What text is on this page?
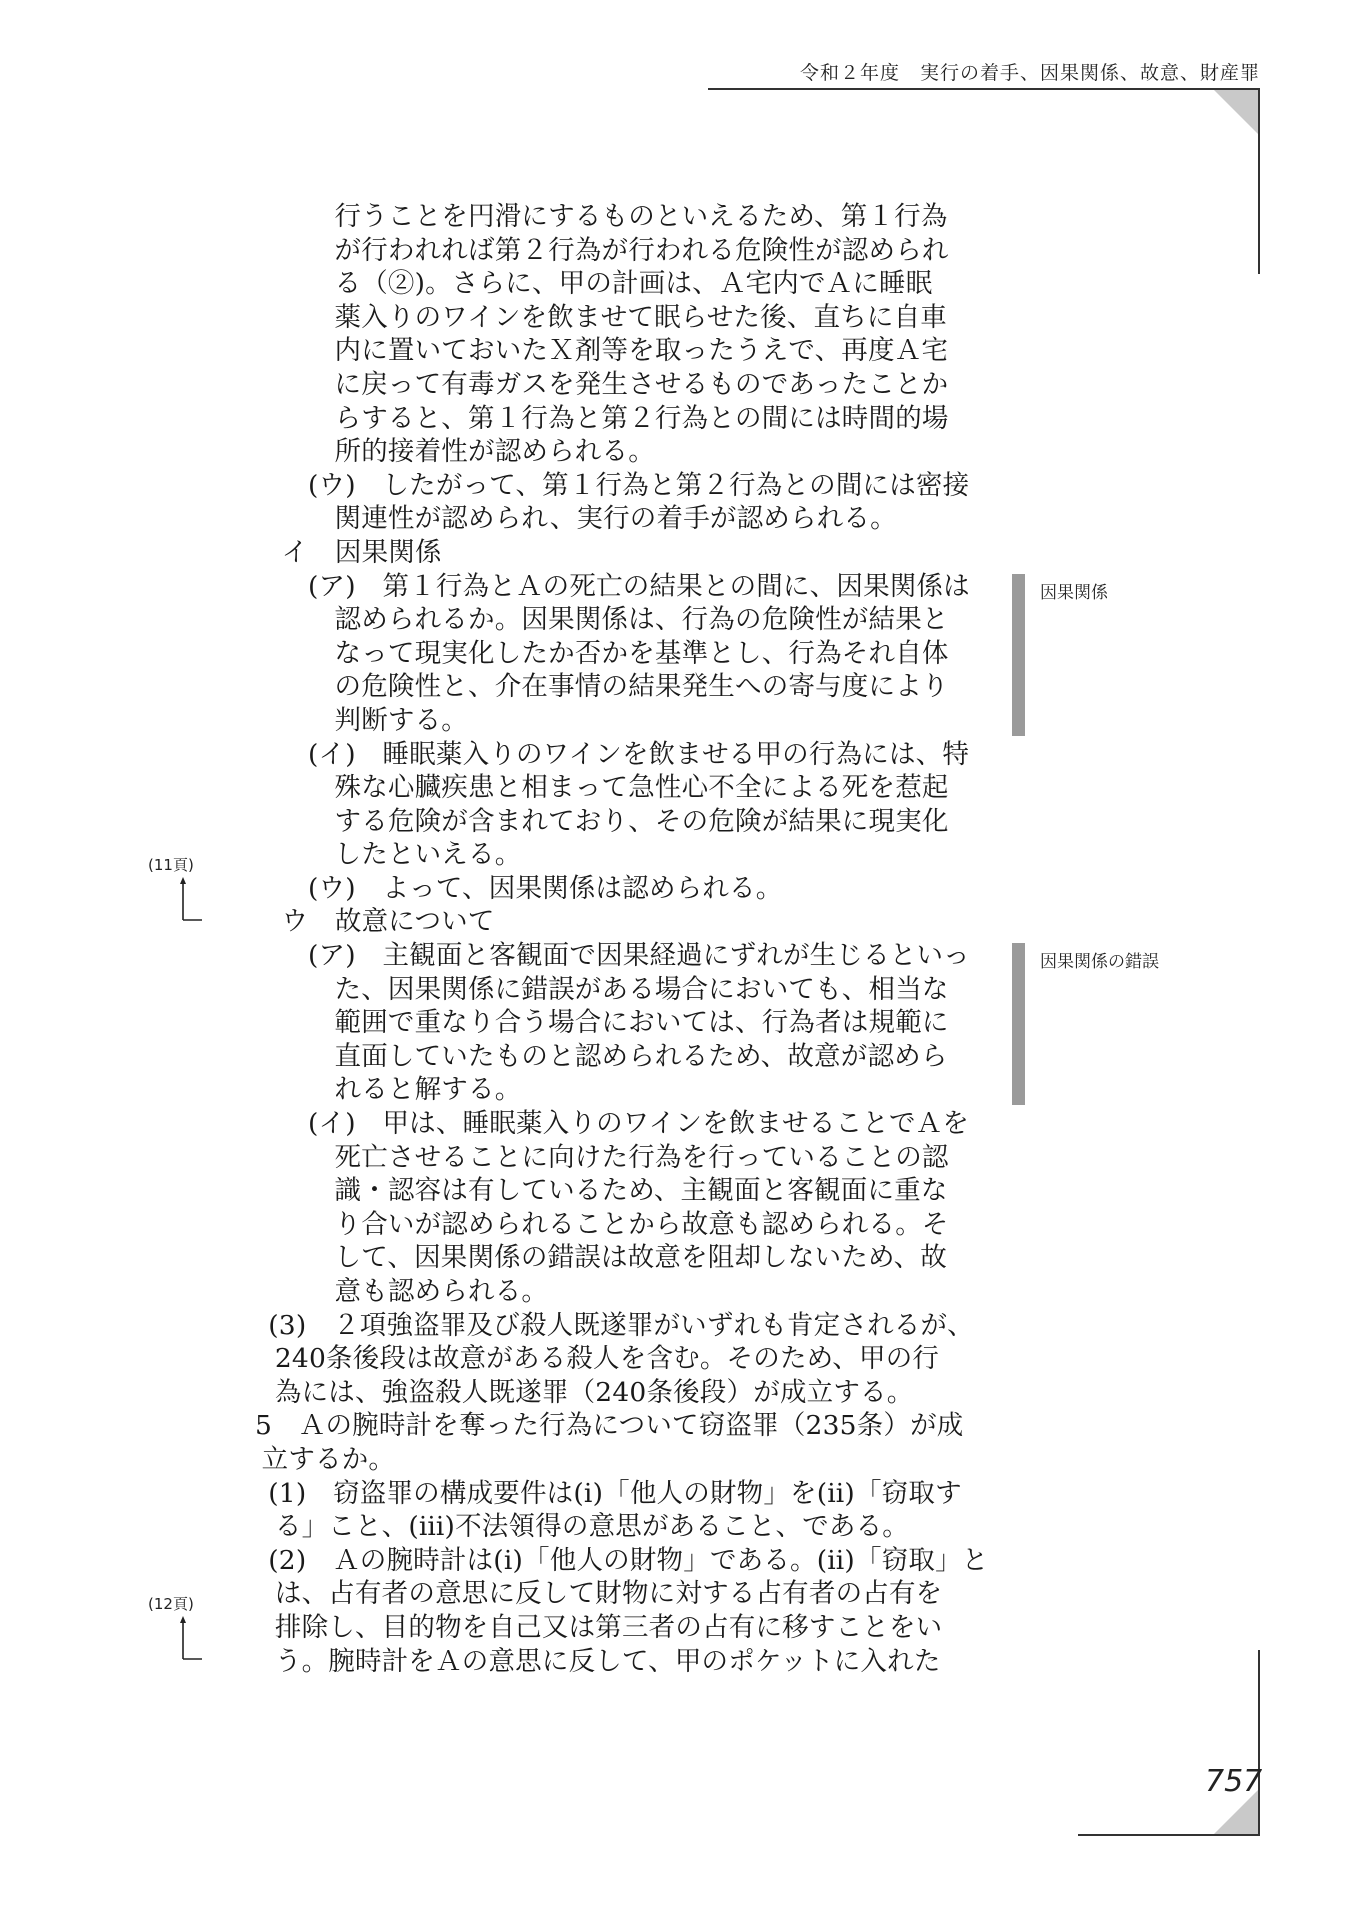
令和２年度　実行の着手、因果関係、故意、財産罪
行うことを円滑にするものといえるため、第１行為
が行われれば第２行為が行われる危険性が認められ
る（②)。さらに、甲の計画は、Ａ宅内でＡに睡眠
薬入りのワインを飲ませて眠らせた後、直ちに自車
内に置いておいたＸ剤等を取ったうえで、再度Ａ宅
に戻って有毒ガスを発生させるものであったことか
らすると、第１行為と第２行為との間には時間的場
所的接着性が認められる。
(ウ)　したがって、第１行為と第２行為との間には密接
関連性が認められ、実行の着手が認められる。
イ　因果関係
(ア)　第１行為とＡの死亡の結果との間に、因果関係は
認められるか。因果関係は、行為の危険性が結果と
なって現実化したか否かを基準とし、行為それ自体
の危険性と、介在事情の結果発生への寄与度により
判断する。
(イ)　睡眠薬入りのワインを飲ませる甲の行為には、特
殊な心臓疾患と相まって急性心不全による死を惹起
する危険が含まれており、その危険が結果に現実化
したといえる。
(ウ)　よって、因果関係は認められる。
ウ　故意について
(ア)　主観面と客観面で因果経過にずれが生じるといっ
た、因果関係に錯誤がある場合においても、相当な
範囲で重なり合う場合においては、行為者は規範に
直面していたものと認められるため、故意が認めら
れると解する。
(イ)　甲は、睡眠薬入りのワインを飲ませることでＡを
死亡させることに向けた行為を行っていることの認
識・認容は有しているため、主観面と客観面に重な
り合いが認められることから故意も認められる。そ
して、因果関係の錯誤は故意を阻却しないため、故
意も認められる。
(3)　２項強盗罪及び殺人既遂罪がいずれも肯定されるが、
240条後段は故意がある殺人を含む。そのため、甲の行
為には、強盗殺人既遂罪（240条後段）が成立する。
5　Ａの腕時計を奪った行為について窃盗罪（235条）が成
立するか。
(1)　窃盗罪の構成要件は(ⅰ)「他人の財物」を(ⅱ)「窃取す
る」こと、(ⅲ)不法領得の意思があること、である。
(2)　Ａの腕時計は(ⅰ)「他人の財物」である。(ⅱ)「窃取」と
は、占有者の意思に反して財物に対する占有者の占有を
排除し、目的物を自己又は第三者の占有に移すことをい
う。腕時計をＡの意思に反して、甲のポケットに入れた
因果関係
因果関係の錯誤
(11頁)
(12頁)
757
